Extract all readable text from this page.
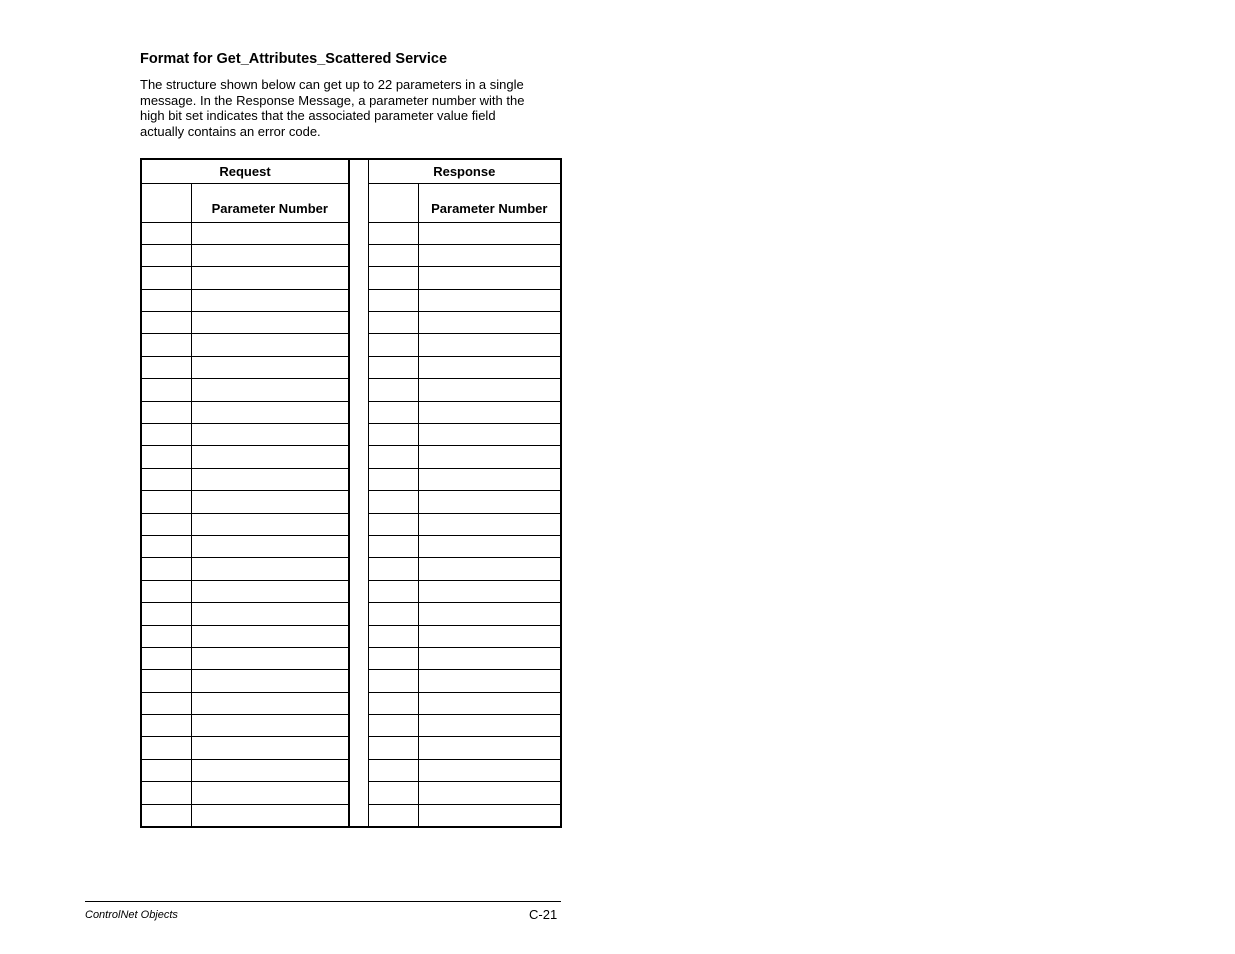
Format for Get_Attributes_Scattered Service
The structure shown below can get up to 22 parameters in a single
message. In the Response Message, a parameter number with the
high bit set indicates that the associated parameter value field
actually contains an error code.
Request			Response	
	Parameter Number			Parameter Number

ControlNet Objects	C-21
